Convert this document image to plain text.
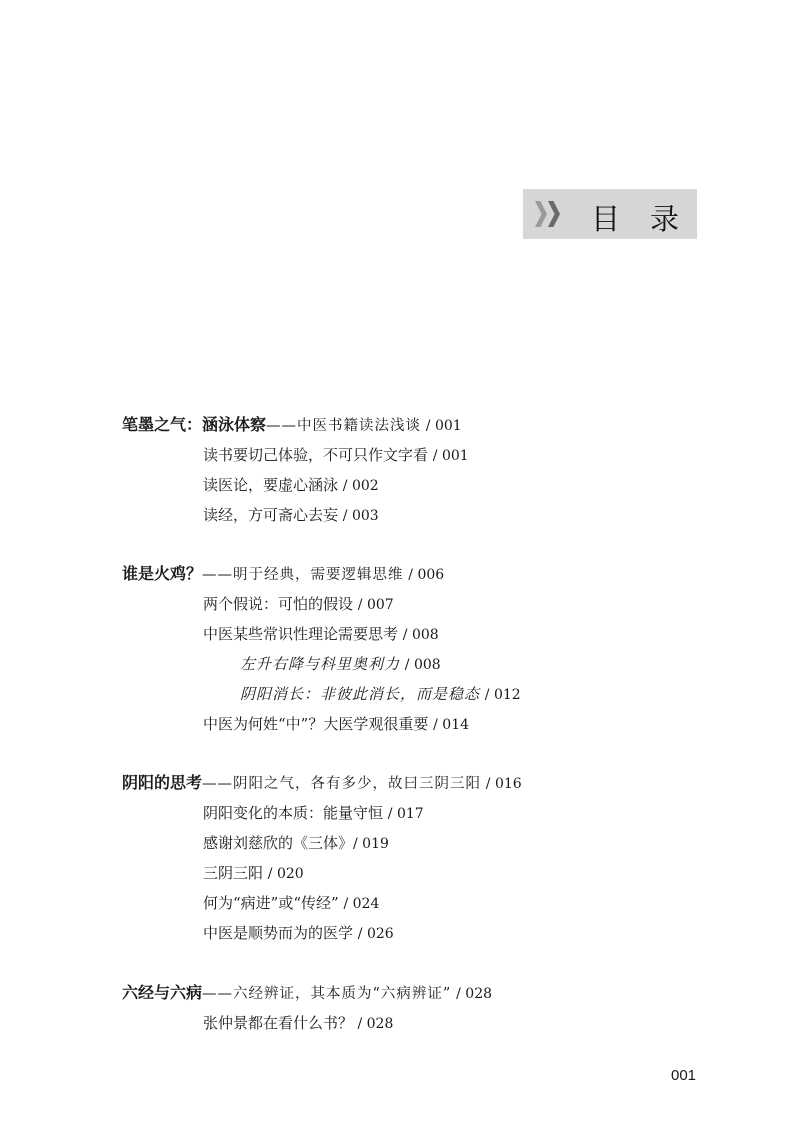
目录
笔墨之气：涵泳体察——中医书籍读法浅谈 / 001
读书要切己体验，不可只作文字看 / 001
读医论，要虚心涵泳 / 002
读经，方可斋心去妄 / 003
谁是火鸡？——明于经典，需要逻辑思维 / 006
两个假说：可怕的假设 / 007
中医某些常识性理论需要思考 / 008
左升右降与科里奥利力 / 008
阴阳消长：非彼此消长，而是稳态 / 012
中医为何姓“中”？大医学观很重要 / 014
阴阳的思考——阴阳之气，各有多少，故曰三阴三阳 / 016
阴阳变化的本质：能量守恒 / 017
感谢刘慈欣的《三体》/ 019
三阴三阳 / 020
何为“病进”或“传经” / 024
中医是顺势而为的医学 / 026
六经与六病——六经辨证，其本质为“六病辨证” / 028
张仲景都在看什么书？ / 028
001
